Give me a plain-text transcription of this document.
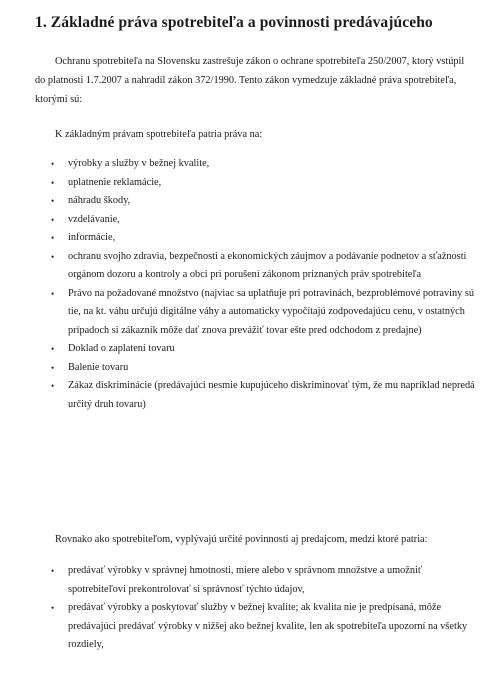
1. Základné práva spotrebiteľa a povinnosti predávajúceho

Ochranu spotrebiteľa na Slovensku zastrešuje zákon o ochrane spotrebiteľa 250/2007, ktorý vstúpil do platnosti 1.7.2007 a nahradil zákon 372/1990. Tento zákon vymedzuje základné práva spotrebiteľa, ktorými sú:

K základným právam spotrebiteľa patria práva na:

• výrobky a služby v bežnej kvalite,
• uplatnenie reklamácie,
• náhradu škody,
• vzdelávanie,
• informácie,
• ochranu svojho zdravia, bezpečnosti a ekonomických záujmov a podávanie podnetov a sťažností orgánom dozoru a kontroly a obci pri porušení zákonom priznaných práv spotrebiteľa
• Právo na požadované množstvo (najviac sa uplatňuje pri potravinách, bezproblémové potraviny sú tie, na kt. váhu určujú digitálne váhy a automaticky vypočítajú zodpovedajúcu cenu, v ostatných prípadoch si zákazník môže dať znova prevážiť tovar ešte pred odchodom z predajne)
• Doklad o zaplatení tovaru
• Balenie tovaru
• Zákaz diskriminácie (predávajúci nesmie kupujúceho diskriminovať tým, že mu napríklad nepredá určitý druh tovaru)

Rovnako ako spotrebiteľom, vyplývajú určité povinnosti aj predajcom, medzi ktoré patria:

• predávať výrobky v správnej hmotnosti, miere alebo v správnom množstve a umožniť spotrebiteľovi prekontrolovať si správnosť týchto údajov,
• predávať výrobky a poskytovať služby v bežnej kvalite; ak kvalita nie je predpísaná, môže predávajúci predávať výrobky v nižšej ako bežnej kvalite, len ak spotrebiteľa upozorní na všetky rozdiely,
